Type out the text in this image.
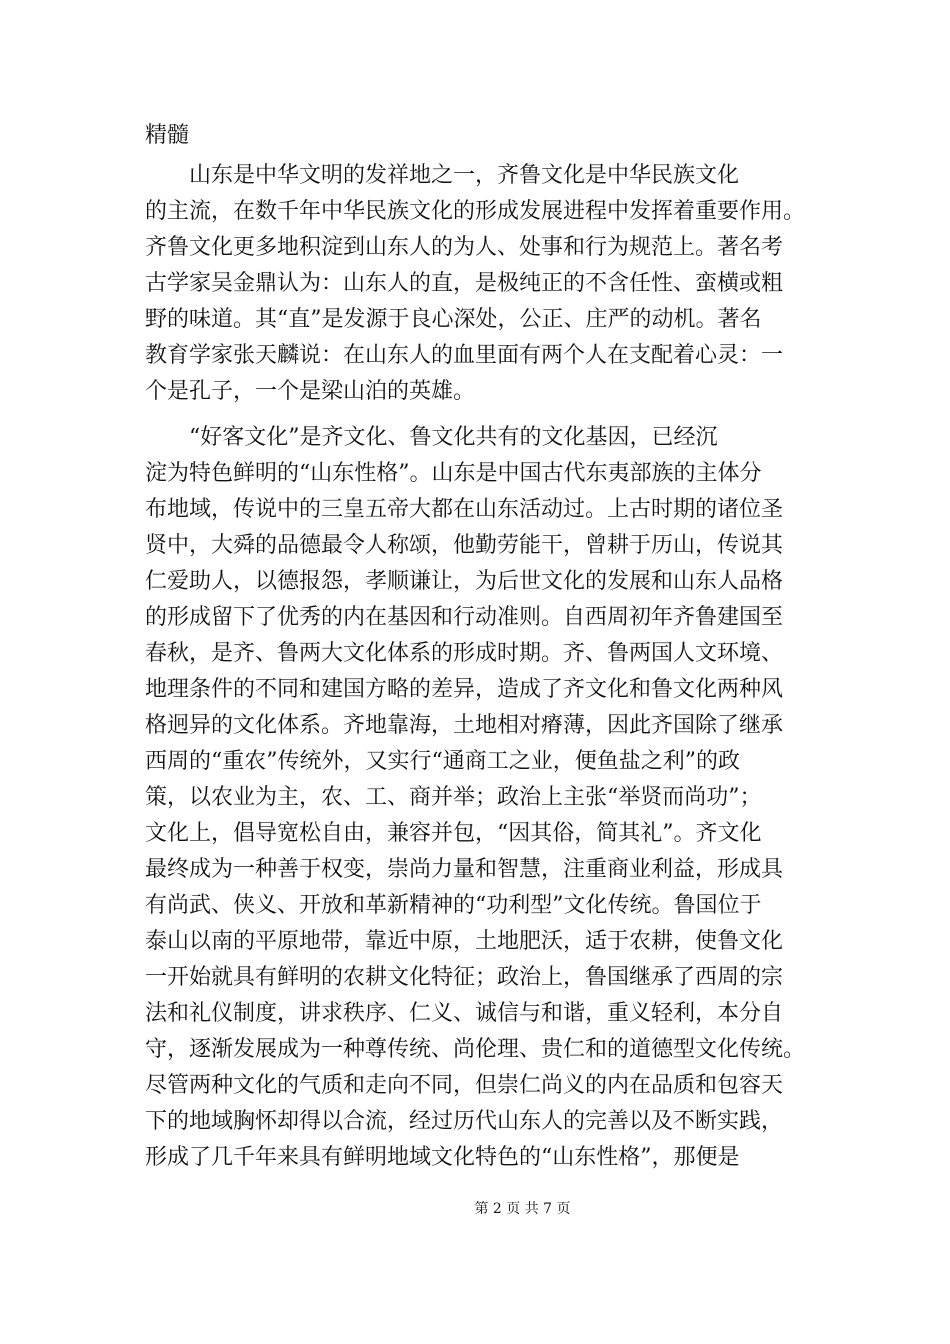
精髓
　　山东是中华文明的发祥地之一，齐鲁文化是中华民族文化
的主流，在数千年中华民族文化的形成发展进程中发挥着重要作用。
齐鲁文化更多地积淀到山东人的为人、处事和行为规范上。著名考
古学家吴金鼎认为：山东人的直，是极纯正的不含任性、蛮横或粗
野的味道。其“直”是发源于良心深处，公正、庄严的动机。著名
教育学家张天麟说：在山东人的血里面有两个人在支配着心灵：一
个是孔子，一个是梁山泊的英雄。
　　“好客文化”是齐文化、鲁文化共有的文化基因，已经沉
淀为特色鲜明的“山东性格”。山东是中国古代东夷部族的主体分
布地域，传说中的三皇五帝大都在山东活动过。上古时期的诸位圣
贤中，大舜的品德最令人称颂，他勤劳能干，曾耕于历山，传说其
仁爱助人，以德报怨，孝顺谦让，为后世文化的发展和山东人品格
的形成留下了优秀的内在基因和行动准则。自西周初年齐鲁建国至
春秋，是齐、鲁两大文化体系的形成时期。齐、鲁两国人文环境、
地理条件的不同和建国方略的差异，造成了齐文化和鲁文化两种风
格迥异的文化体系。齐地靠海，土地相对瘠薄，因此齐国除了继承
西周的“重农”传统外，又实行“通商工之业，便鱼盐之利”的政
策，以农业为主，农、工、商并举；政治上主张“举贤而尚功”；
文化上，倡导宽松自由，兼容并包，“因其俗，简其礼”。齐文化
最终成为一种善于权变，崇尚力量和智慧，注重商业利益，形成具
有尚武、侠义、开放和革新精神的“功利型”文化传统。鲁国位于
泰山以南的平原地带，靠近中原，土地肥沃，适于农耕，使鲁文化
一开始就具有鲜明的农耕文化特征；政治上，鲁国继承了西周的宗
法和礼仪制度，讲求秩序、仁义、诚信与和谐，重义轻利，本分自
守，逐渐发展成为一种尊传统、尚伦理、贵仁和的道德型文化传统。
尽管两种文化的气质和走向不同，但崇仁尚义的内在品质和包容天
下的地域胸怀却得以合流，经过历代山东人的完善以及不断实践，
形成了几千年来具有鲜明地域文化特色的“山东性格”，那便是
第 2 页 共 7 页
